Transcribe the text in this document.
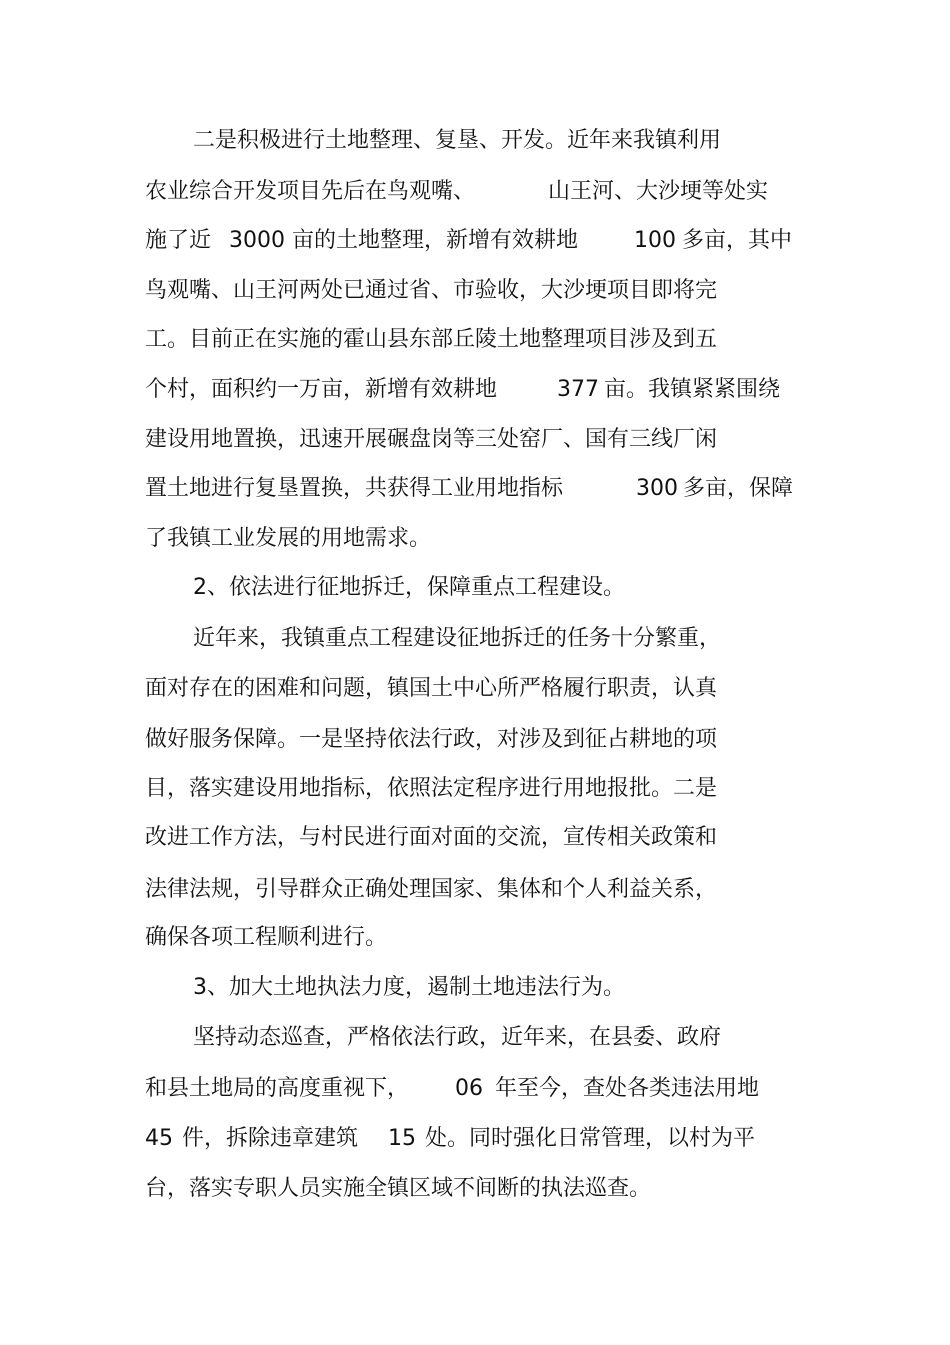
二是积极进行土地整理、复垦、开发。近年来我镇利用

农业综合开发项目先后在鸟观嘴、

	山王河、大沙埂等处实

施了近

3000

亩的土地整理，新增有效耕地

	100

多亩，其中

鸟观嘴、山王河两处已通过省、市验收，大沙埂项目即将完

工。目前正在实施的霍山县东部丘陵土地整理项目涉及到五

个村，面积约一万亩，新增有效耕地

	377

亩。我镇紧紧围绕

建设用地置换，迅速开展碾盘岗等三处窑厂、国有三线厂闲

置土地进行复垦置换，共获得工业用地指标

	300

多亩，保障

了我镇工业发展的用地需求。

2、依法进行征地拆迁，保障重点工程建设。

近年来，我镇重点工程建设征地拆迁的任务十分繁重，

面对存在的困难和问题，镇国土中心所严格履行职责，认真

做好服务保障。一是坚持依法行政，对涉及到征占耕地的项

目，落实建设用地指标，依照法定程序进行用地报批。二是

改进工作方法，与村民进行面对面的交流，宣传相关政策和

法律法规，引导群众正确处理国家、集体和个人利益关系，

确保各项工程顺利进行。

3、加大土地执法力度，遏制土地违法行为。

坚持动态巡查，严格依法行政，近年来，在县委、政府

和县土地局的高度重视下，

06

年至今，查处各类违法用地

45

件，拆除违章建筑

15

处。同时强化日常管理，以村为平

台，落实专职人员实施全镇区域不间断的执法巡查。
